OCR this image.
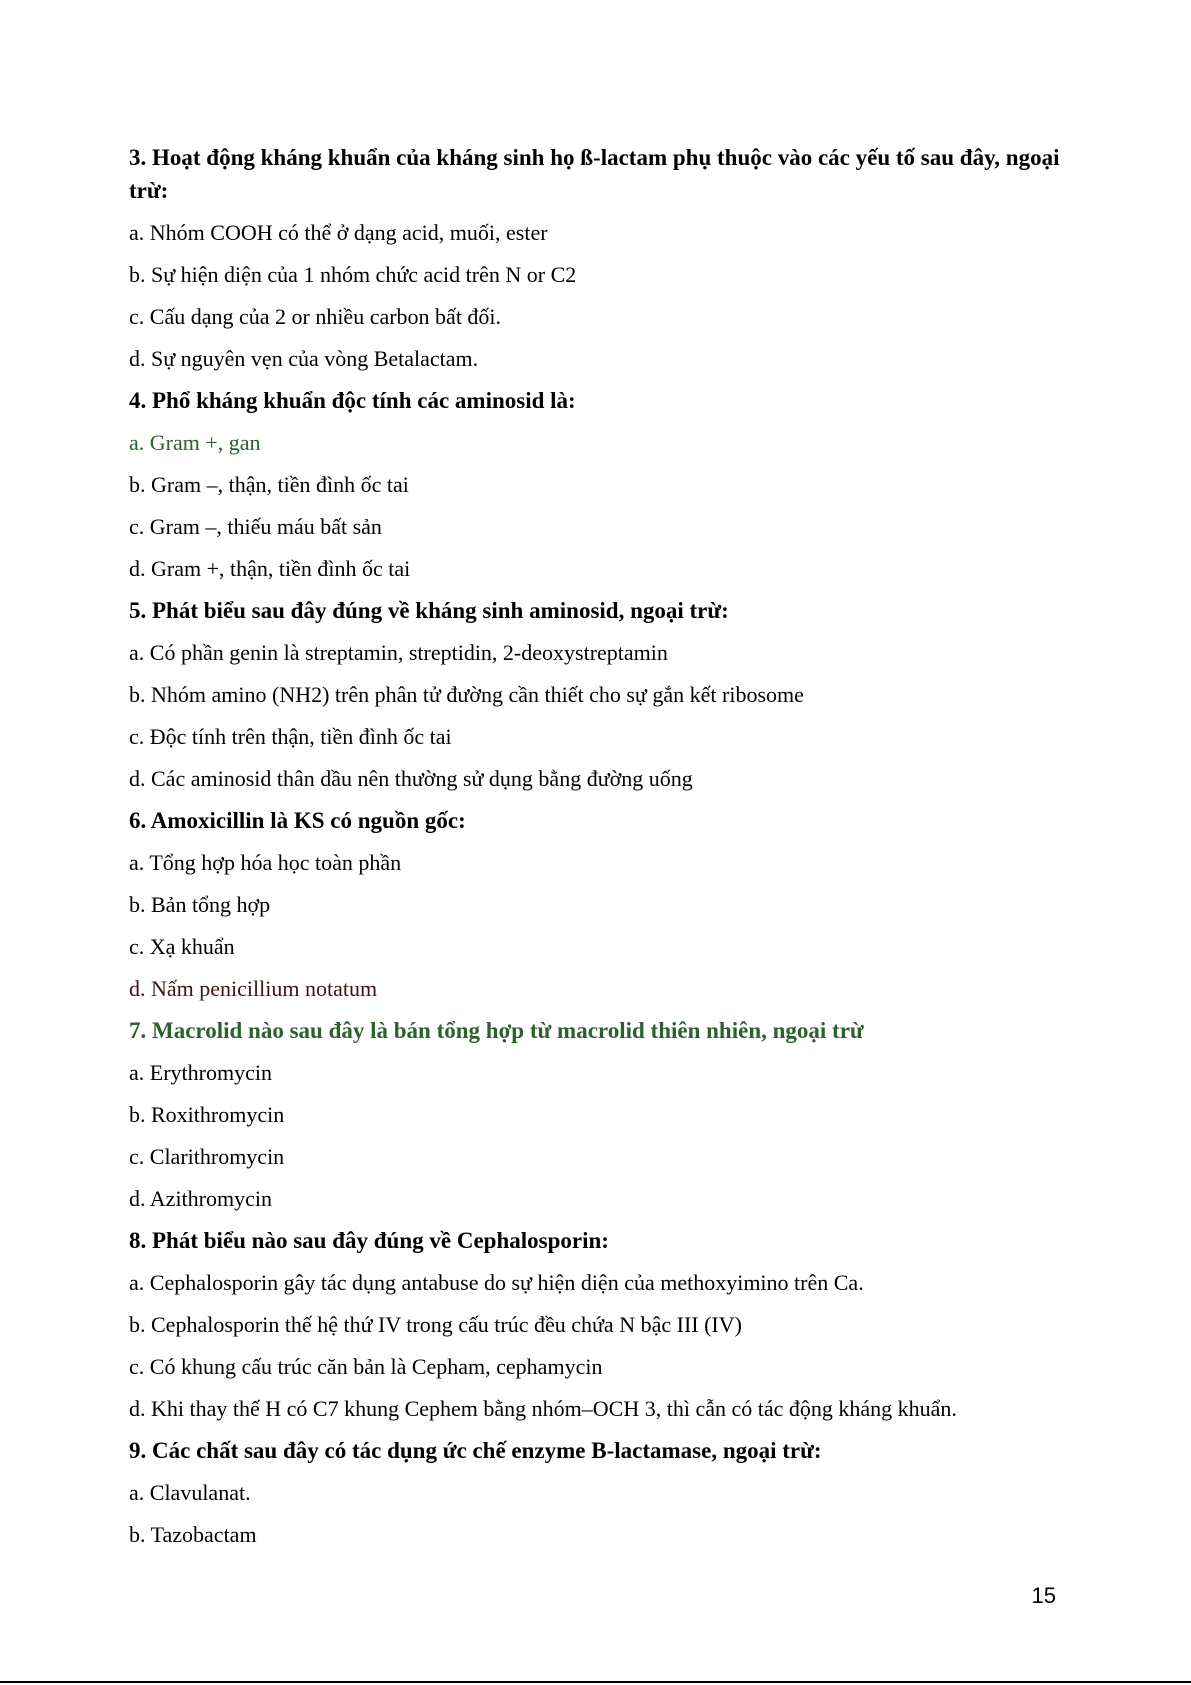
3. Hoạt động kháng khuẩn của kháng sinh họ ß-lactam phụ thuộc vào các yếu tố sau đây, ngoại trừ:
a. Nhóm COOH có thể ở dạng acid, muối, ester
b. Sự hiện diện của 1 nhóm chức acid trên N or C2
c. Cấu dạng của 2 or nhiều carbon bất đối.
d. Sự nguyên vẹn của vòng Betalactam.
4. Phổ kháng khuẩn độc tính các aminosid là:
a. Gram +, gan
b. Gram –, thận, tiền đình ốc tai
c. Gram –, thiếu máu bất sản
d. Gram +, thận, tiền đình ốc tai
5. Phát biểu sau đây đúng về kháng sinh aminosid, ngoại trừ:
a. Có phần genin là streptamin, streptidin, 2-deoxystreptamin
b. Nhóm amino (NH2) trên phân tử đường cần thiết cho sự gắn kết ribosome
c. Độc tính trên thận, tiền đình ốc tai
d. Các aminosid thân dầu nên thường sử dụng bằng đường uống
6. Amoxicillin là KS có nguồn gốc:
a. Tổng hợp hóa học toàn phần
b. Bản tổng hợp
c. Xạ khuẩn
d. Nấm penicillium notatum
7. Macrolid nào sau đây là bán tổng hợp từ macrolid thiên nhiên, ngoại trừ
a. Erythromycin
b. Roxithromycin
c. Clarithromycin
d. Azithromycin
8. Phát biểu nào sau đây đúng về Cephalosporin:
a. Cephalosporin gây tác dụng antabuse do sự hiện diện của methoxyimino trên Ca.
b. Cephalosporin thế hệ thứ IV trong cấu trúc đều chứa N bậc III (IV)
c. Có khung cấu trúc căn bản là Cepham, cephamycin
d. Khi thay thế H có C7 khung Cephem bằng nhóm–OCH 3, thì cẫn có tác động kháng khuẩn.
9. Các chất sau đây có tác dụng ức chế enzyme B-lactamase, ngoại trừ:
a. Clavulanat.
b. Tazobactam
15
